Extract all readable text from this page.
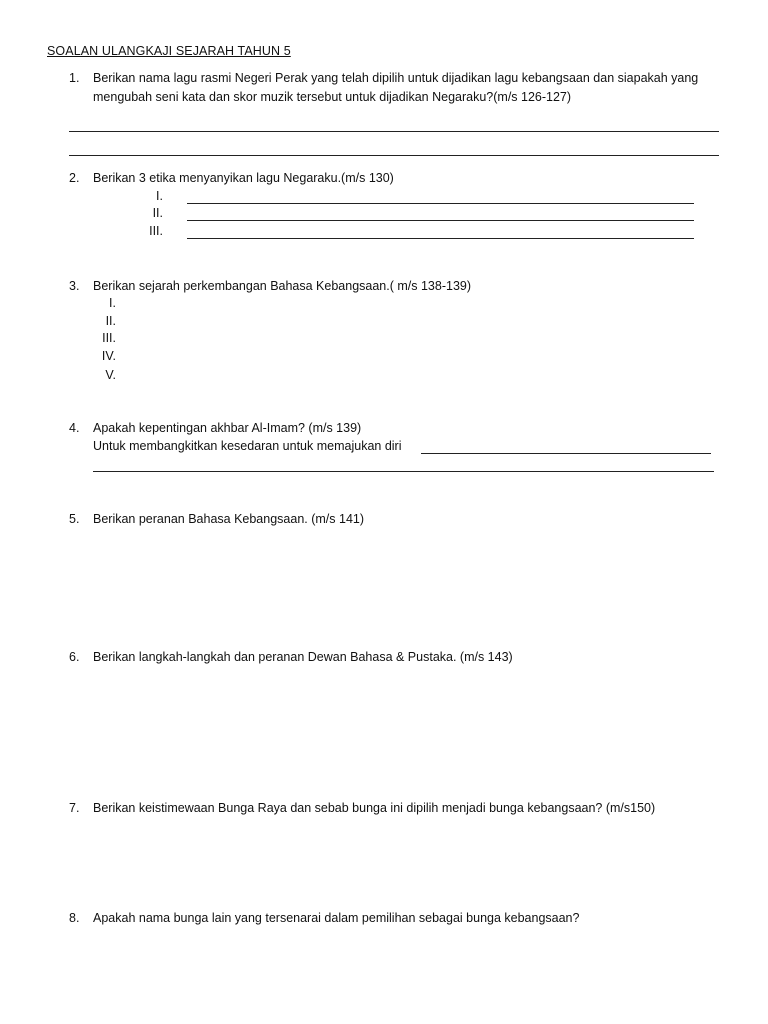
SOALAN ULANGKAJI SEJARAH TAHUN 5
1. Berikan nama lagu rasmi Negeri Perak yang telah dipilih untuk dijadikan lagu kebangsaan dan siapakah yang
mengubah seni kata dan skor muzik tersebut untuk dijadikan Negaraku?(m/s 126-127)
2. Berikan 3 etika menyanyikan lagu Negaraku.(m/s 130)
I.
II.
III.
3. Berikan sejarah perkembangan Bahasa Kebangsaan.( m/s 138-139)
I.
II.
III.
IV.
V.
4. Apakah kepentingan akhbar Al-Imam? (m/s 139)
Untuk membangkitkan kesedaran untuk memajukan diri
5. Berikan peranan Bahasa Kebangsaan. (m/s 141)
6. Berikan langkah-langkah dan peranan Dewan Bahasa & Pustaka. (m/s 143)
7. Berikan keistimewaan Bunga Raya dan sebab bunga ini dipilih menjadi bunga kebangsaan? (m/s150)
8. Apakah nama bunga lain yang tersenarai dalam pemilihan sebagai bunga kebangsaan?
